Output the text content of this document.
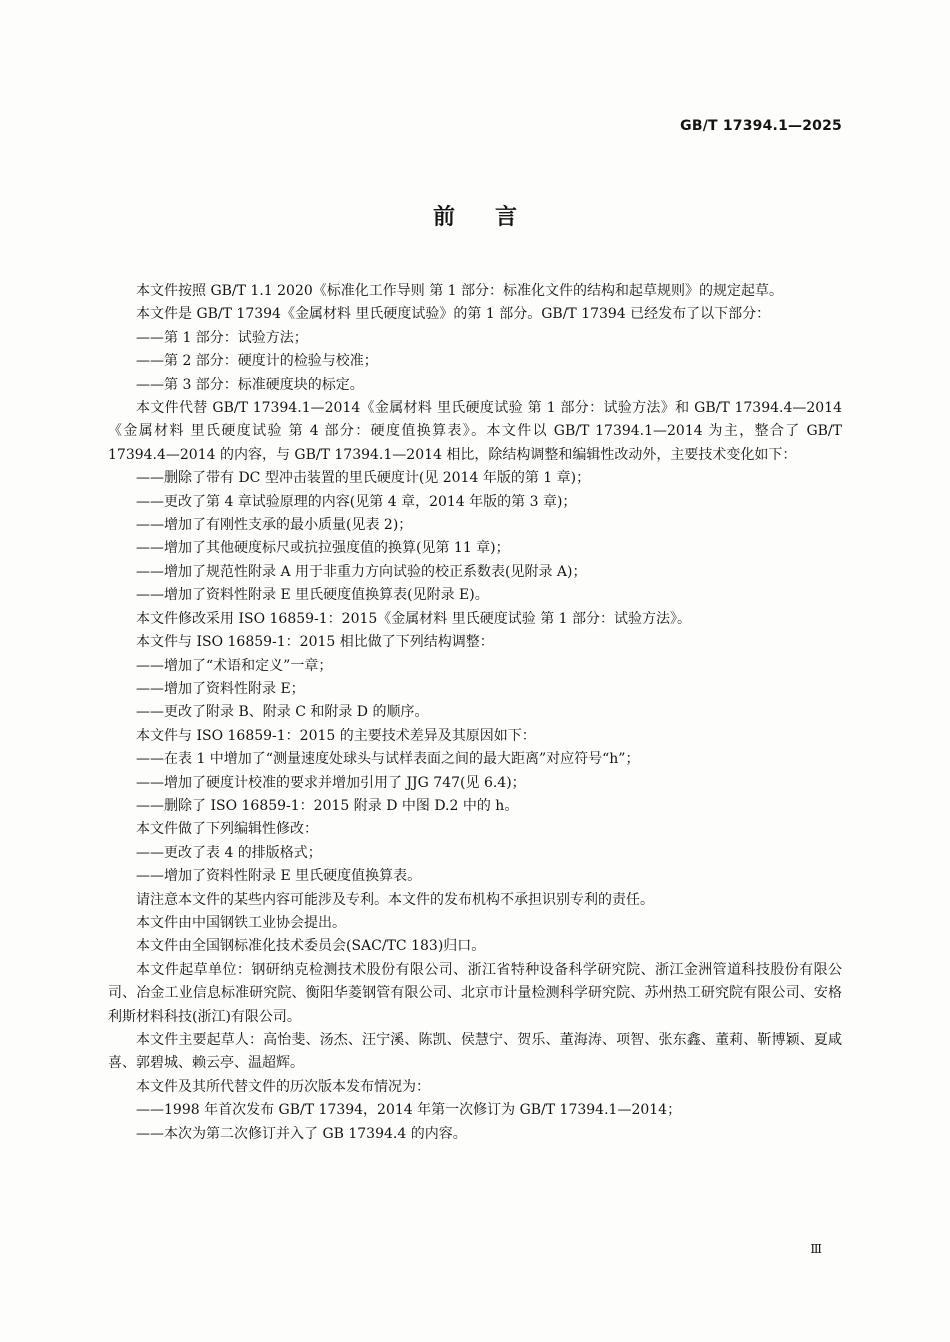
GB/T 17394.1—2025
前言

本文件按照 GB/T 1.1 2020《标准化工作导则 第 1 部分：标准化文件的结构和起草规则》的规定起草。

本文件是 GB/T 17394《金属材料 里氏硬度试验》的第 1 部分。GB/T 17394 已经发布了以下部分：

——第 1 部分：试验方法；

——第 2 部分：硬度计的检验与校准；

——第 3 部分：标准硬度块的标定。

本文件代替 GB/T 17394.1—2014《金属材料 里氏硬度试验 第 1 部分：试验方法》和 GB/T 17394.4—2014《金属材料 里氏硬度试验 第 4 部分：硬度值换算表》。本文件以 GB/T 17394.1—2014 为主，整合了 GB/T 17394.4—2014 的内容，与 GB/T 17394.1—2014 相比，除结构调整和编辑性改动外，主要技术变化如下：

——删除了带有 DC 型冲击装置的里氏硬度计(见 2014 年版的第 1 章)；

——更改了第 4 章试验原理的内容(见第 4 章，2014 年版的第 3 章)；

——增加了有刚性支承的最小质量(见表 2)；

——增加了其他硬度标尺或抗拉强度值的换算(见第 11 章)；

——增加了规范性附录 A 用于非重力方向试验的校正系数表(见附录 A)；

——增加了资料性附录 E 里氏硬度值换算表(见附录 E)。

本文件修改采用 ISO 16859-1：2015《金属材料 里氏硬度试验 第 1 部分：试验方法》。

本文件与 ISO 16859-1：2015 相比做了下列结构调整：

——增加了“术语和定义”一章；

——增加了资料性附录 E；

——更改了附录 B、附录 C 和附录 D 的顺序。

本文件与 ISO 16859-1：2015 的主要技术差异及其原因如下：

——在表 1 中增加了“测量速度处球头与试样表面之间的最大距离”对应符号“h”；

——增加了硬度计校准的要求并增加引用了 JJG 747(见 6.4)；

——删除了 ISO 16859-1：2015 附录 D 中图 D.2 中的 h。

本文件做了下列编辑性修改：

——更改了表 4 的排版格式；

——增加了资料性附录 E 里氏硬度值换算表。

请注意本文件的某些内容可能涉及专利。本文件的发布机构不承担识别专利的责任。

本文件由中国钢铁工业协会提出。

本文件由全国钢标准化技术委员会(SAC/TC 183)归口。

本文件起草单位：钢研纳克检测技术股份有限公司、浙江省特种设备科学研究院、浙江金洲管道科技股份有限公司、冶金工业信息标准研究院、衡阳华菱钢管有限公司、北京市计量检测科学研究院、苏州热工研究院有限公司、安格利斯材料科技(浙江)有限公司。

本文件主要起草人：高怡斐、汤杰、汪宁溪、陈凯、侯慧宁、贺乐、董海涛、项智、张东鑫、董莉、靳博颖、夏咸喜、郭碧城、赖云亭、温超辉。

本文件及其所代替文件的历次版本发布情况为：

——1998 年首次发布 GB/T 17394，2014 年第一次修订为 GB/T 17394.1—2014；

——本次为第二次修订并入了 GB 17394.4 的内容。

Ⅲ
